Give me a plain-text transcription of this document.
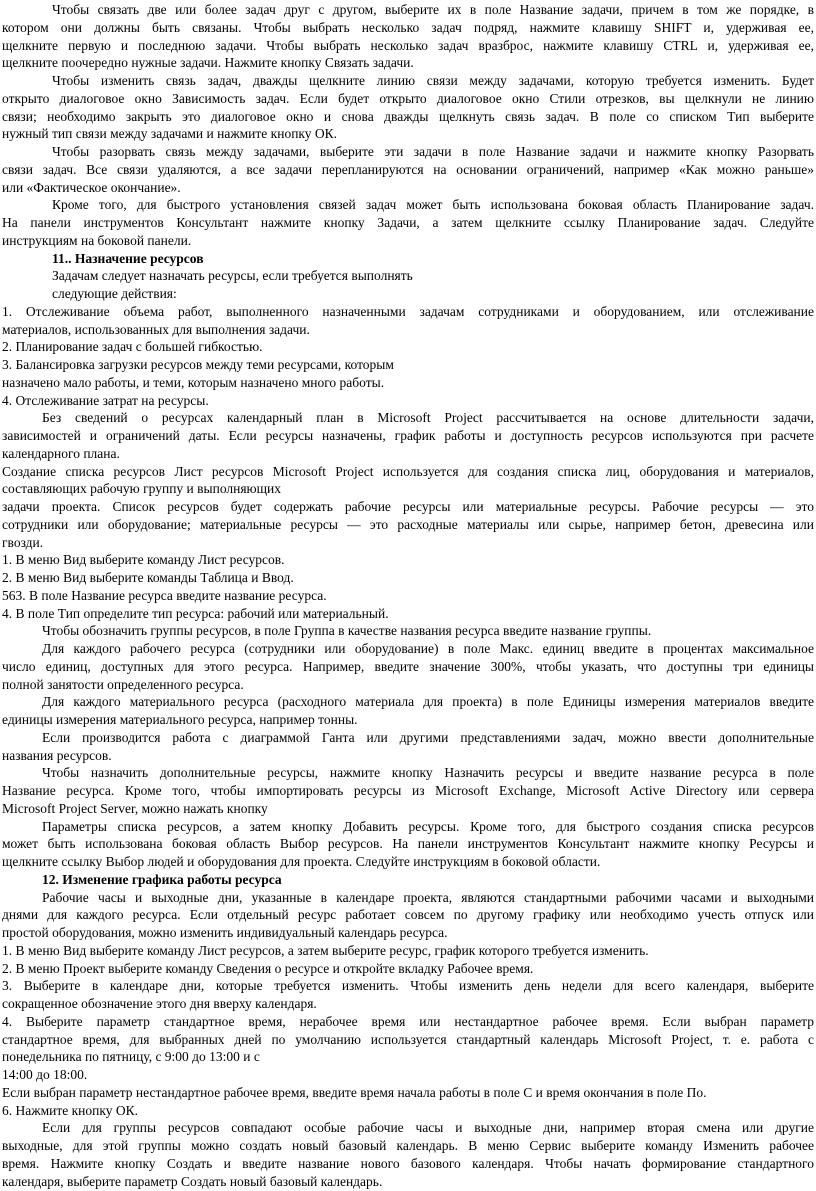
Чтобы связать две или более задач друг с другом, выберите их в поле Название задачи, причем в том же порядке, в
котором они должны быть связаны. Чтобы выбрать несколько задач подряд, нажмите клавишу SHIFT и, удерживая ее,
щелкните первую и последнюю задачи. Чтобы выбрать несколько задач вразброс, нажмите клавишу CTRL и, удерживая ее,
щелкните поочередно нужные задачи. Нажмите кнопку Связать задачи.
Чтобы изменить связь задач, дважды щелкните линию связи между задачами, которую требуется изменить. Будет
открыто диалоговое окно Зависимость задач. Если будет открыто диалоговое окно Стили отрезков, вы щелкнули не линию
связи; необходимо закрыть это диалоговое окно и снова дважды щелкнуть связь задач. В поле со списком Тип выберите
нужный тип связи между задачами и нажмите кнопку ОК.
Чтобы разорвать связь между задачами, выберите эти задачи в поле Название задачи и нажмите кнопку Разорвать
связи задач. Все связи удаляются, а все задачи перепланируются на основании ограничений, например «Как можно раньше»
или «Фактическое окончание».
Кроме того, для быстрого установления связей задач может быть использована боковая область Планирование задач.
На панели инструментов Консультант нажмите кнопку Задачи, а затем щелкните ссылку Планирование задач. Следуйте
инструкциям на боковой панели.
11.. Назначение ресурсов
Задачам следует назначать ресурсы, если требуется выполнять
следующие действия:
1. Отслеживание объема работ, выполненного назначенными задачам сотрудниками и оборудованием, или отслеживание
материалов, использованных для выполнения задачи.
2. Планирование задач с большей гибкостью.
3. Балансировка загрузки ресурсов между теми ресурсами, которым
назначено мало работы, и теми, которым назначено много работы.
4. Отслеживание затрат на ресурсы.
Без сведений о ресурсах календарный план в Microsoft Project рассчитывается на основе длительности задачи,
зависимостей и ограничений даты. Если ресурсы назначены, график работы и доступность ресурсов используются при расчете
календарного плана.
Создание списка ресурсов Лист ресурсов Microsoft Project используется для создания списка лиц, оборудования и материалов,
составляющих рабочую группу и выполняющих
задачи проекта. Список ресурсов будет содержать рабочие ресурсы или материальные ресурсы. Рабочие ресурсы — это
сотрудники или оборудование; материальные ресурсы — это расходные материалы или сырье, например бетон, древесина или
гвозди.
1. В меню Вид выберите команду Лист ресурсов.
2. В меню Вид выберите команды Таблица и Ввод.
563. В поле Название ресурса введите название ресурса.
4. В поле Тип определите тип ресурса: рабочий или материальный.
Чтобы обозначить группы ресурсов, в поле Группа в качестве названия ресурса введите название группы.
Для каждого рабочего ресурса (сотрудники или оборудование) в поле Макс. единиц введите в процентах максимальное
число единиц, доступных для этого ресурса. Например, введите значение 300%, чтобы указать, что доступны три единицы
полной занятости определенного ресурса.
Для каждого материального ресурса (расходного материала для проекта) в поле Единицы измерения материалов введите
единицы измерения материального ресурса, например тонны.
Если производится работа с диаграммой Ганта или другими представлениями задач, можно ввести дополнительные
названия ресурсов.
Чтобы назначить дополнительные ресурсы, нажмите кнопку Назначить ресурсы и введите название ресурса в поле
Название ресурса. Кроме того, чтобы импортировать ресурсы из Microsoft Exchange, Microsoft Active Directory или сервера
Microsoft Project Server, можно нажать кнопку
Параметры списка ресурсов, а затем кнопку Добавить ресурсы. Кроме того, для быстрого создания списка ресурсов
может быть использована боковая область Выбор ресурсов. На панели инструментов Консультант нажмите кнопку Ресурсы и
щелкните ссылку Выбор людей и оборудования для проекта. Следуйте инструкциям в боковой области.
12. Изменение графика работы ресурса
Рабочие часы и выходные дни, указанные в календаре проекта, являются стандартными рабочими часами и выходными
днями для каждого ресурса. Если отдельный ресурс работает совсем по другому графику или необходимо учесть отпуск или
простой оборудования, можно изменить индивидуальный календарь ресурса.
1. В меню Вид выберите команду Лист ресурсов, а затем выберите ресурс, график которого требуется изменить.
2. В меню Проект выберите команду Сведения о ресурсе и откройте вкладку Рабочее время.
3. Выберите в календаре дни, которые требуется изменить. Чтобы изменить день недели для всего календаря, выберите
сокращенное обозначение этого дня вверху календаря.
4. Выберите параметр стандартное время, нерабочее время или нестандартное рабочее время. Если выбран параметр
стандартное время, для выбранных дней по умолчанию используется стандартный календарь Microsoft Project, т. е. работа с
понедельника по пятницу, с 9:00 до 13:00 и с
14:00 до 18:00.
Если выбран параметр нестандартное рабочее время, введите время начала работы в поле С и время окончания в поле По.
6. Нажмите кнопку ОК.
Если для группы ресурсов совпадают особые рабочие часы и выходные дни, например вторая смена или другие
выходные, для этой группы можно создать новый базовый календарь. В меню Сервис выберите команду Изменить рабочее
время. Нажмите кнопку Создать и введите название нового базового календаря. Чтобы начать формирование стандартного
календаря, выберите параметр Создать новый базовый календарь.
